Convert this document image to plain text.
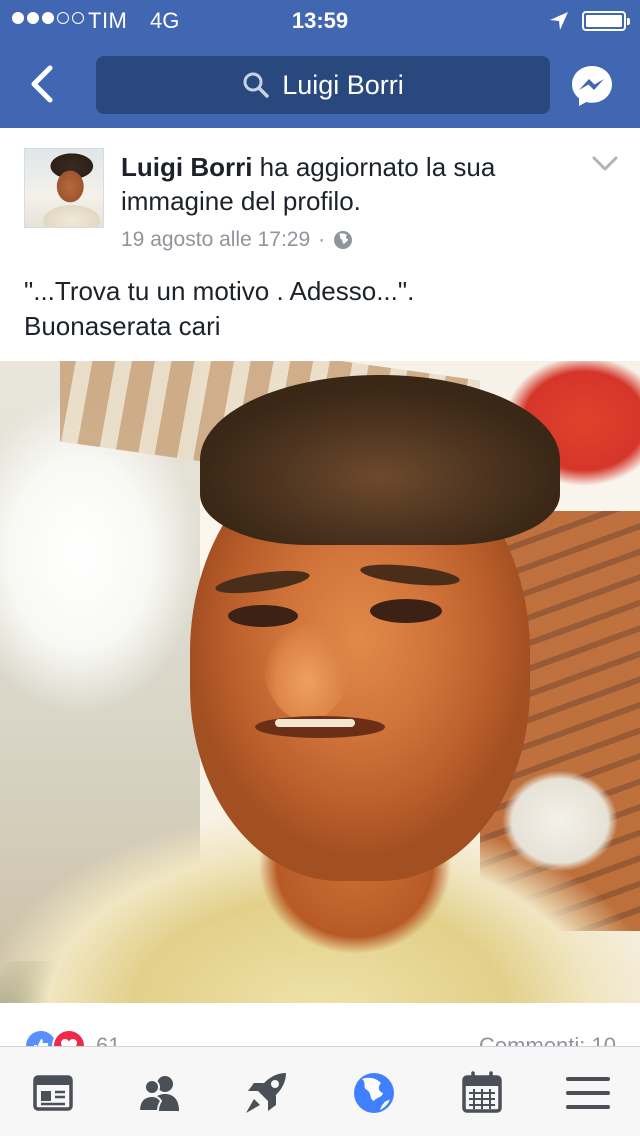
TIM 4G	13:59
Luigi Borri
Luigi Borri ha aggiornato la sua immagine del profilo.
19 agosto alle 17:29 ·
"...Trova tu un motivo . Adesso...".
Buonaserata cari
